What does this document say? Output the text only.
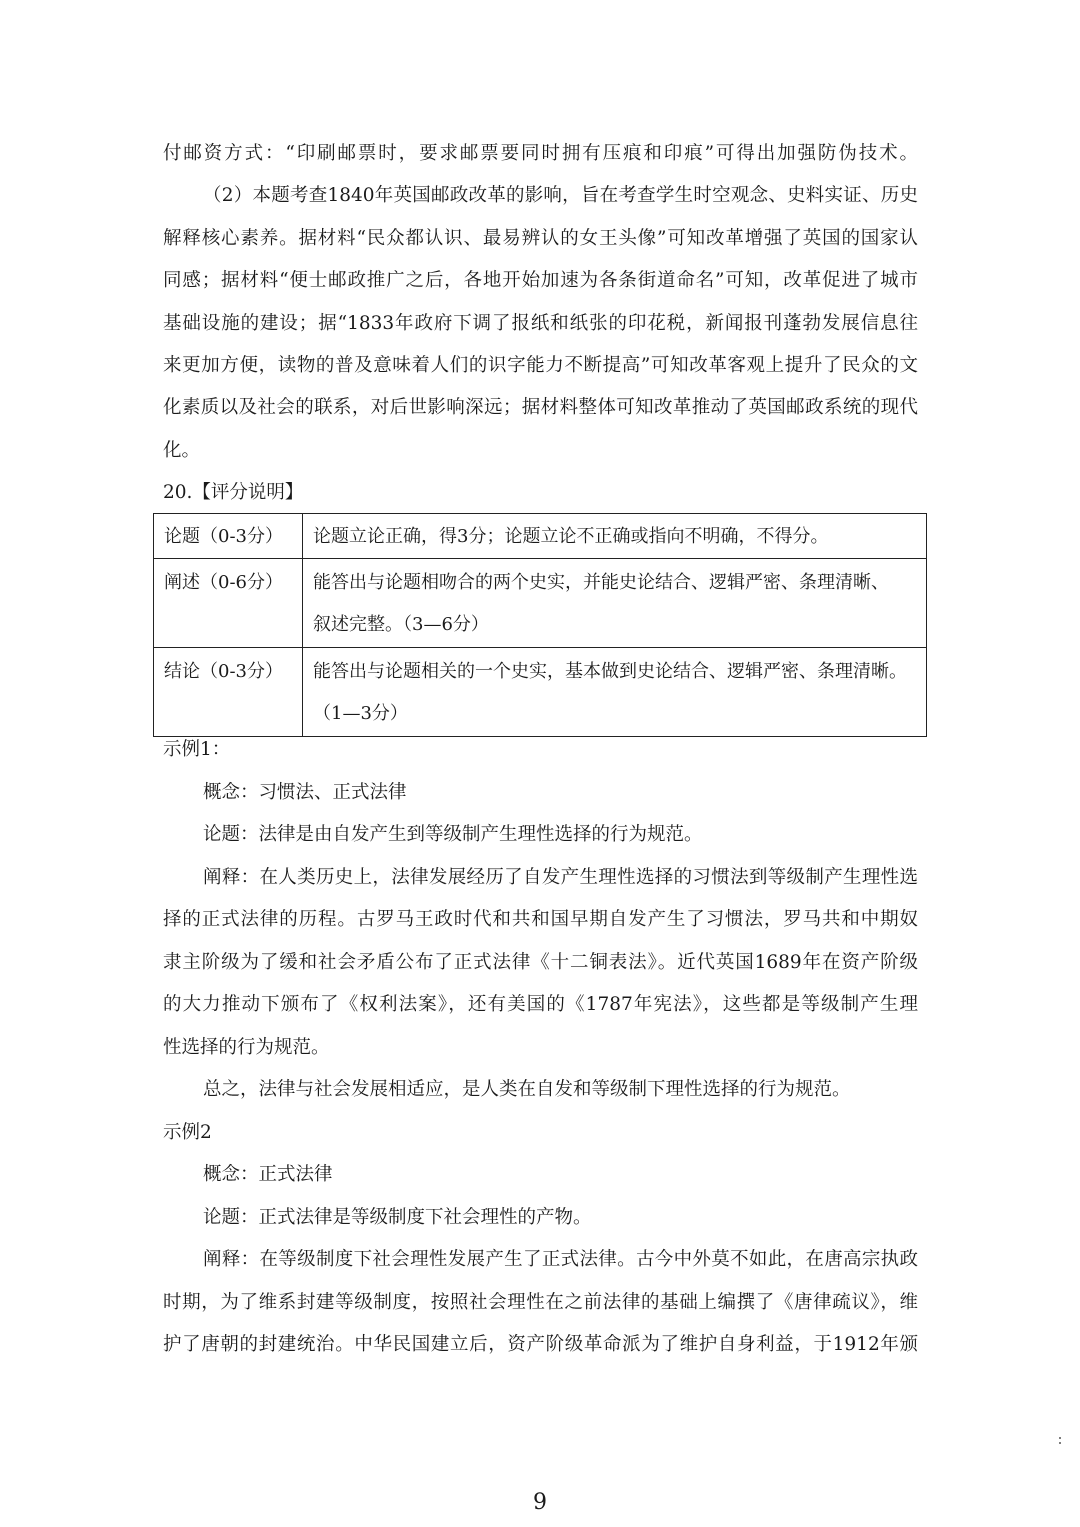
付邮资方式：“印刷邮票时，要求邮票要同时拥有压痕和印痕”可得出加强防伪技术。
（2）本题考查1840年英国邮政改革的影响，旨在考查学生时空观念、史料实证、历史
解释核心素养。据材料“民众都认识、最易辨认的女王头像”可知改革增强了英国的国家认
同感；据材料“便士邮政推广之后，各地开始加速为各条街道命名”可知，改革促进了城市
基础设施的建设；据“1833年政府下调了报纸和纸张的印花税，新闻报刊蓬勃发展信息往
来更加方便，读物的普及意味着人们的识字能力不断提高”可知改革客观上提升了民众的文
化素质以及社会的联系，对后世影响深远；据材料整体可知改革推动了英国邮政系统的现代
化。
20.【评分说明】
论题（0-3分）	论题立论正确，得3分；论题立论不正确或指向不明确，不得分。

阐述（0-6分）	能答出与论题相吻合的两个史实，并能史论结合、逻辑严密、条理清晰、
叙述完整。（3—6分）

结论（0-3分）	能答出与论题相关的一个史实，基本做到史论结合、逻辑严密、条理清晰。
（1—3分）
示例1：
概念：习惯法、正式法律
论题：法律是由自发产生到等级制产生理性选择的行为规范。
阐释：在人类历史上，法律发展经历了自发产生理性选择的习惯法到等级制产生理性选
择的正式法律的历程。古罗马王政时代和共和国早期自发产生了习惯法，罗马共和中期奴
隶主阶级为了缓和社会矛盾公布了正式法律《十二铜表法》。近代英国1689年在资产阶级
的大力推动下颁布了《权利法案》，还有美国的《1787年宪法》，这些都是等级制产生理
性选择的行为规范。
总之，法律与社会发展相适应，是人类在自发和等级制下理性选择的行为规范。
示例2
概念：正式法律
论题：正式法律是等级制度下社会理性的产物。
阐释：在等级制度下社会理性发展产生了正式法律。古今中外莫不如此，在唐高宗执政
时期，为了维系封建等级制度，按照社会理性在之前法律的基础上编撰了《唐律疏议》，维
护了唐朝的封建统治。中华民国建立后，资产阶级革命派为了维护自身利益，于1912年颁
9
